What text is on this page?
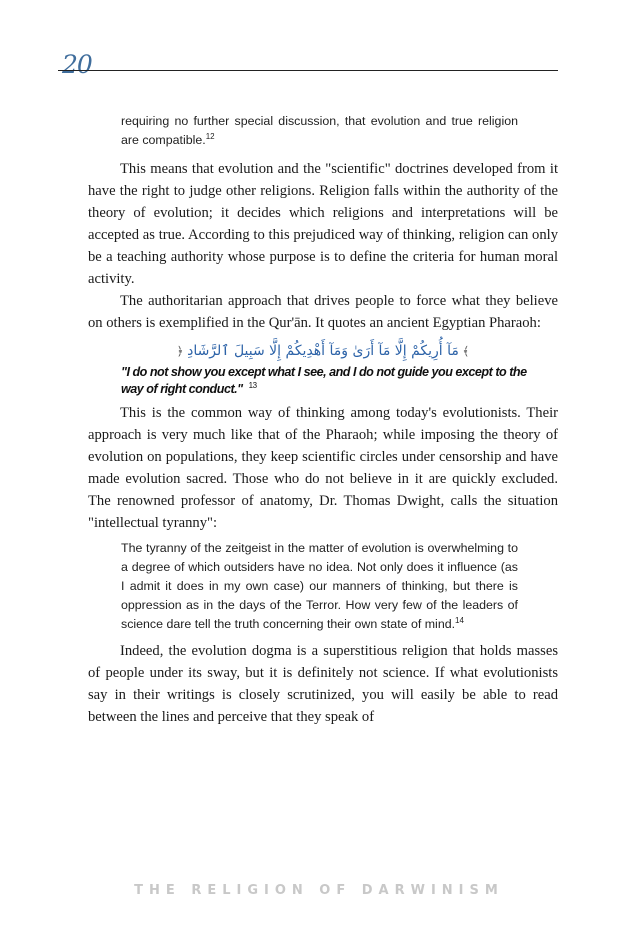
20
requiring no further special discussion, that evolution and true religion are compatible.$^{12}$

This means that evolution and the "scientific" doctrines developed from it have the right to judge other religions. Religion falls within the authority of the theory of evolution; it decides which religions and interpretations will be accepted as true. According to this prejudiced way of thinking, religion can only be a teaching authority whose purpose is to define the criteria for human moral activity.

The authoritarian approach that drives people to force what they believe on others is exemplified in the Qur'ān. It quotes an ancient Egyptian Pharaoh:

﴿ مَآ أُرِيكُمْ إِلَّا مَآ أَرَىٰ وَمَآ أَهْدِيكُمْ إِلَّا سَبِيلَ ٱلرَّشَادِ ﴾
"I do not show you except what I see, and I do not guide you except to the way of right conduct." $^{13}$

This is the common way of thinking among today's evolutionists. Their approach is very much like that of the Pharaoh; while imposing the theory of evolution on populations, they keep scientific circles under censorship and have made evolution sacred. Those who do not believe in it are quickly excluded. The renowned professor of anatomy, Dr. Thomas Dwight, calls the situation "intellectual tyranny":

The tyranny of the zeitgeist in the matter of evolution is overwhelming to a degree of which outsiders have no idea. Not only does it influence (as I admit it does in my own case) our manners of thinking, but there is oppression as in the days of the Terror. How very few of the leaders of science dare tell the truth concerning their own state of mind.$^{14}$

Indeed, the evolution dogma is a superstitious religion that holds masses of people under its sway, but it is definitely not science. If what evolutionists say in their writings is closely scrutinized, you will easily be able to read between the lines and perceive that they speak of

THE RELIGION OF DARWINISM
